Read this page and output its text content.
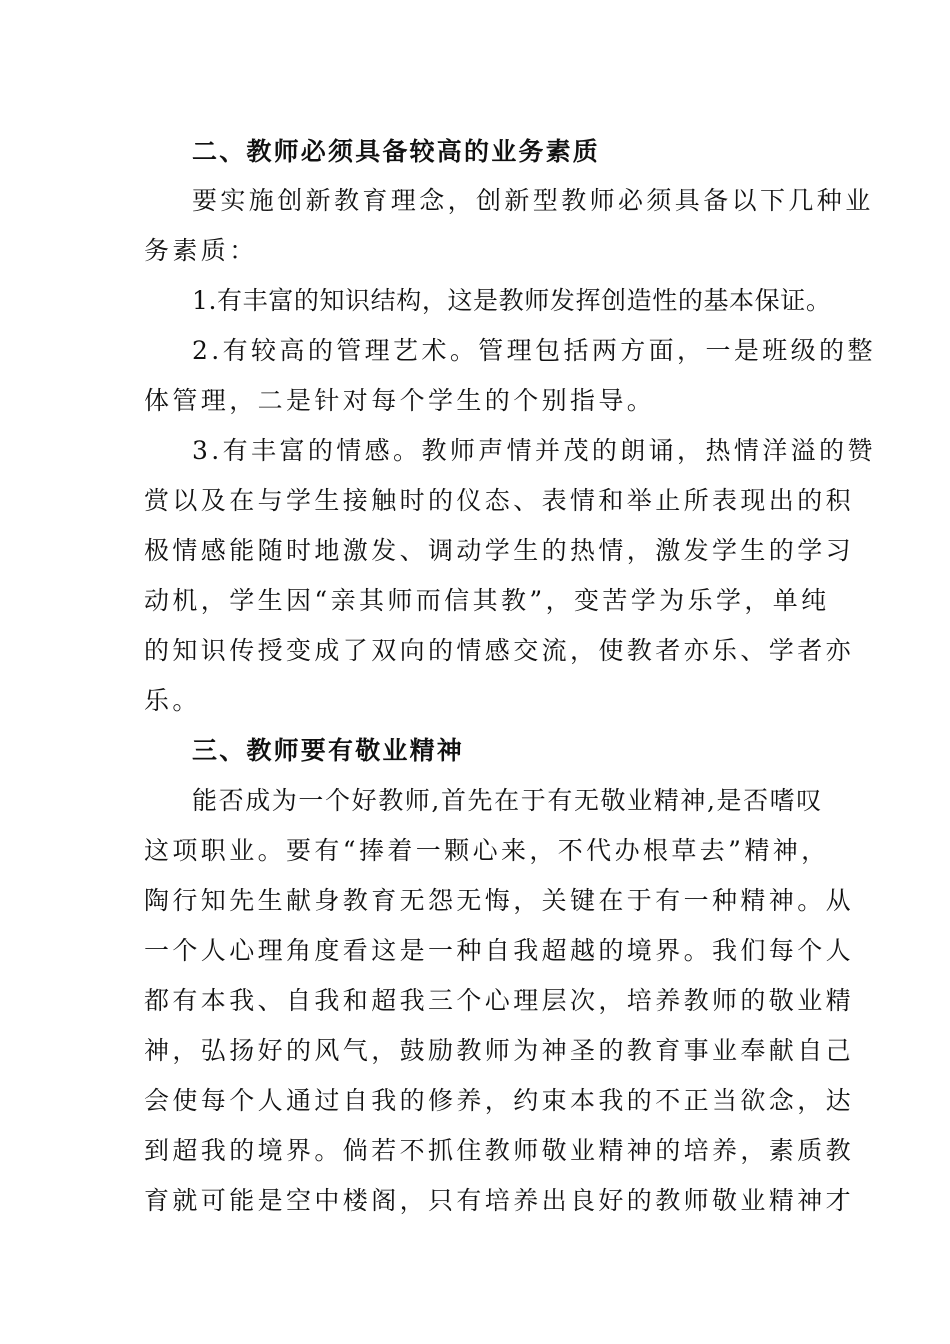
二、教师必须具备较高的业务素质
要实施创新教育理念，创新型教师必须具备以下几种业
务素质：
1.有丰富的知识结构，这是教师发挥创造性的基本保证。
2.有较高的管理艺术。管理包括两方面，一是班级的整
体管理，二是针对每个学生的个别指导。
3.有丰富的情感。教师声情并茂的朗诵，热情洋溢的赞
赏以及在与学生接触时的仪态、表情和举止所表现出的积
极情感能随时地激发、调动学生的热情，激发学生的学习
动机，学生因“亲其师而信其教”，变苦学为乐学，单纯
的知识传授变成了双向的情感交流，使教者亦乐、学者亦
乐。
三、教师要有敬业精神
能否成为一个好教师,首先在于有无敬业精神,是否嗜叹
这项职业。要有“捧着一颗心来，不代办根草去”精神，
陶行知先生献身教育无怨无悔，关键在于有一种精神。从
一个人心理角度看这是一种自我超越的境界。我们每个人
都有本我、自我和超我三个心理层次，培养教师的敬业精
神，弘扬好的风气，鼓励教师为神圣的教育事业奉献自己
会使每个人通过自我的修养，约束本我的不正当欲念，达
到超我的境界。倘若不抓住教师敬业精神的培养，素质教
育就可能是空中楼阁，只有培养出良好的教师敬业精神才
